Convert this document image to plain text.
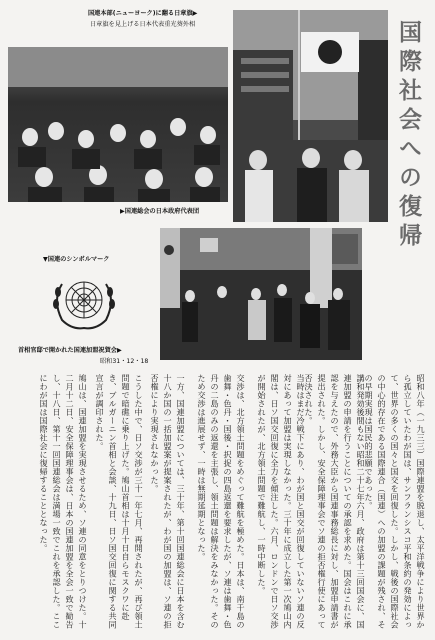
国際社会への復帰
国連本部(ニューヨーク)に翻る日章旗▶
日章旗を見上げる日本代表重光葵外相
▶国連総会の日本政府代表団
▼国連のシンボルマーク
首相官邸で開かれた国連加盟祝賀会▶
昭和31・12・18
昭和八年（一九三三）国際連盟を脱退し、太平洋戦争により世界から孤立していたわが国は、サンフランシスコ平和条約の発効によって、世界の多くの国々と国交を回復した。しかし、戦後の国際社会の中心的存在である国際連合（国連）への加盟の課題が残され、その早期実現は国民的悲願であった。
講和発効後間もない昭和二十七年六月、政府は第十三回国会に、国連加盟の申請を行うことについての承認を求めた。国会はこれに承認を与えたので、外務大臣から国連事務総長に対し、加盟申請書が提出された。しかし、安全保障理事会でソ連の拒否権行使にあって否決された。
当時はまだ冷戦下にあり、わが国と国交が回復していないソ連の反対にあって加盟は実現しなかった。三十年に成立した第一次鳩山内閣は、日ソ国交回復に全力を傾注した。六月、ロンドンで日ソ交渉が開始されたが、北方領土問題で難航し、一時中断した。
交渉は、北方領土問題をめぐって難航を極めた。日本は、南千島の歯舞・色丹・国後・択捉の四島返還を要求したが、ソ連は歯舞・色丹の二島のみの返還を主張し、領土問題は解決をみなかった。そのため交渉は進展せず、一時は無期延期となった。
一方、国連加盟については、三十年、第十回国連総会に日本を含む十八か国の一括加盟案が提案されたが、わが国の加盟は、ソ連の拒否権により実現されなかった。
こうした中で、日ソ交渉が三十一年七月、再開されたが、再び領土問題で暗礁に乗り上げた。鳩山首相は十月十日自らモスクワに赴き、ブルガーニン首相と会談、十九日、日ソ国交回復に関する共同宣言が調印された。
鳩山は、国連加盟を実現させるため、ソ連の同意をとりつけた。十二月十二日、安全保障理事会は、日本の国連加盟を全会一致で勧告し、十八日、第十一回国連総会は満場一致でこれを承認した。ここにわが国は国際社会に復帰することとなった。
